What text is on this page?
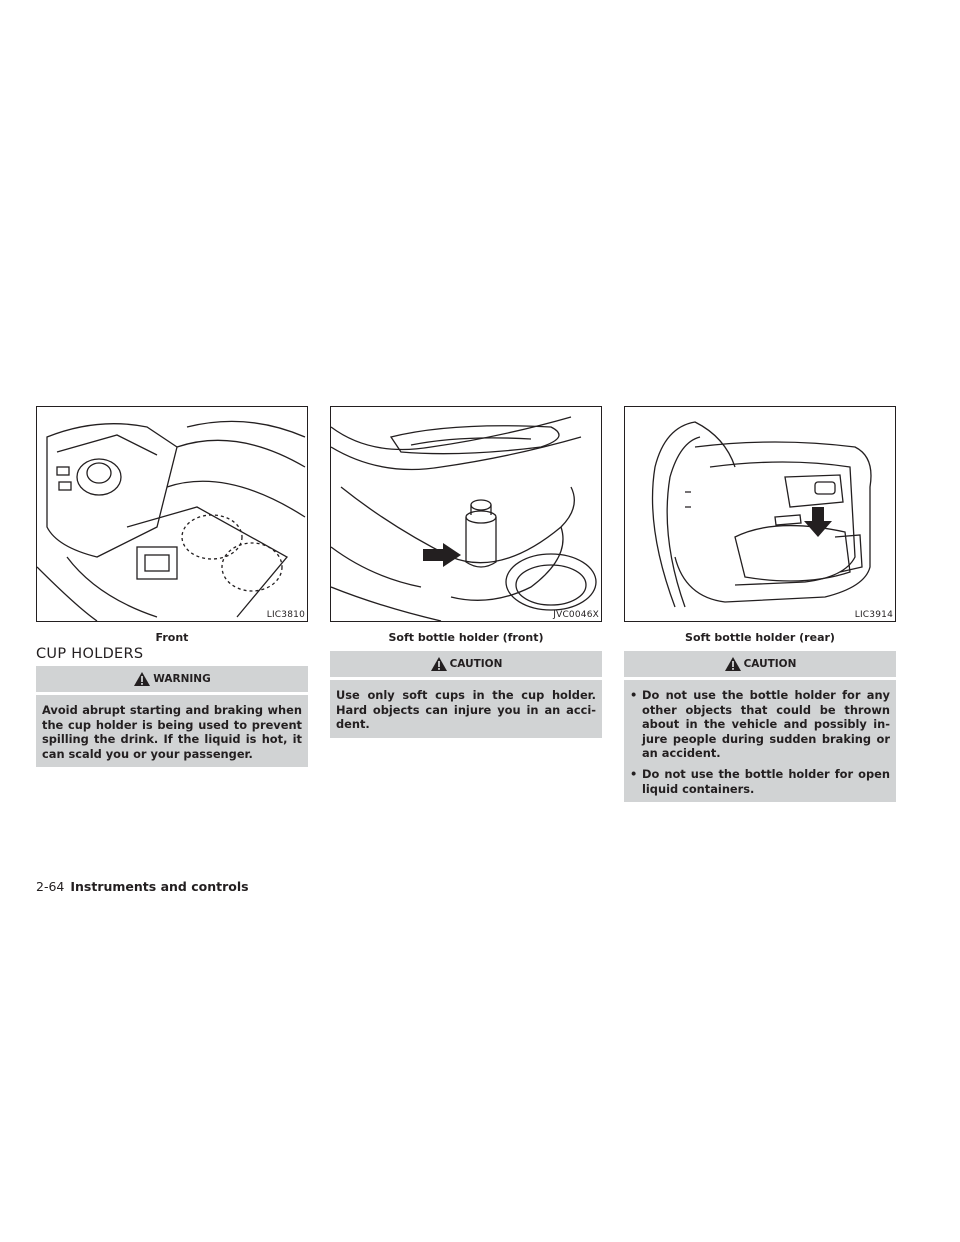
LIC3810
Front
CUP HOLDERS
WARNING
Avoid abrupt starting and braking when the cup holder is being used to prevent spilling the drink. If the liquid is hot, it can scald you or your passenger.
JVC0046X
Soft bottle holder (front)
CAUTION
Use only soft cups in the cup holder. Hard objects can injure you in an acci-dent.
LIC3914
Soft bottle holder (rear)
CAUTION
• Do not use the bottle holder for any other objects that could be thrown about in the vehicle and possibly in-jure people during sudden braking or an accident.
• Do not use the bottle holder for open liquid containers.
2-64 Instruments and controls
